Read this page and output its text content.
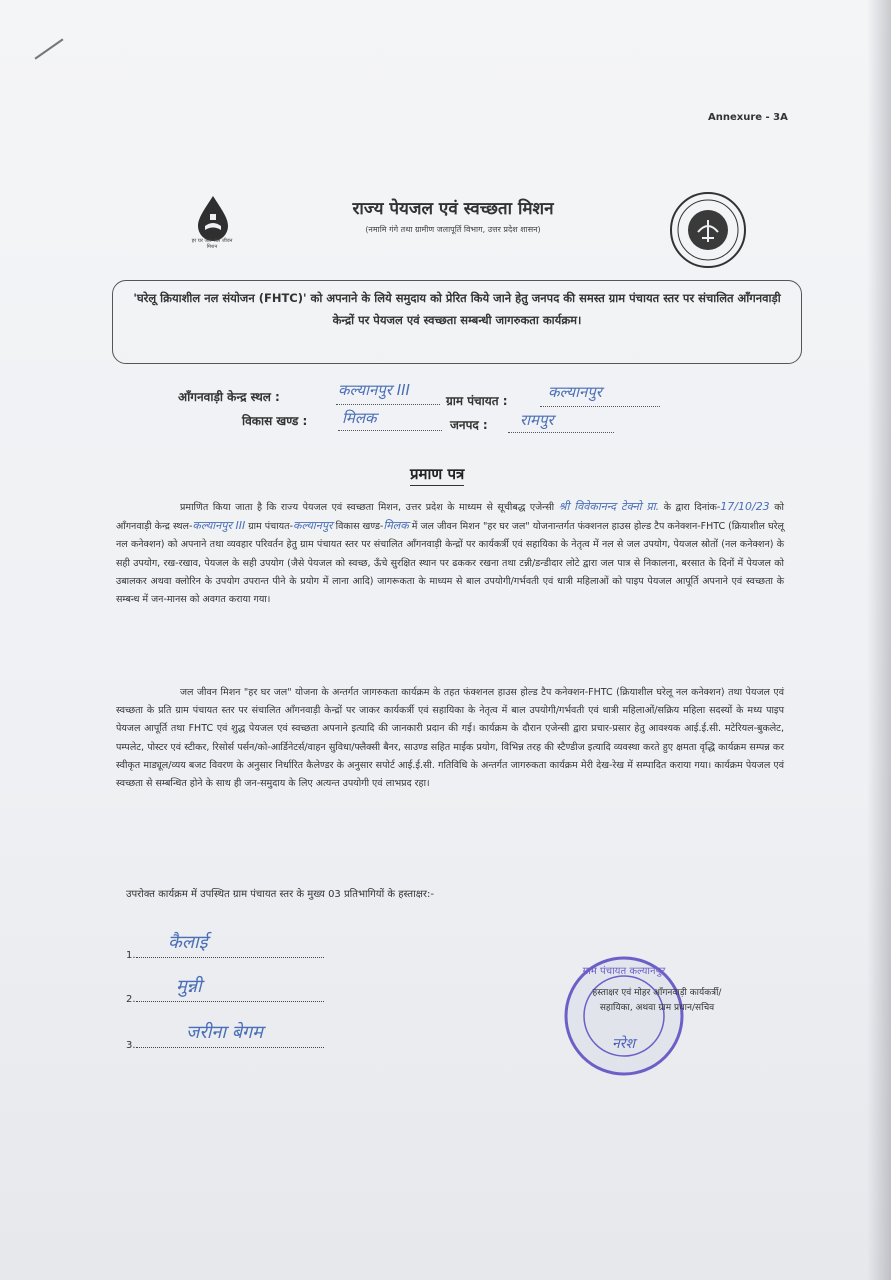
Annexure - 3A
हर घर जल जल जीवन मिशन
राज्य पेयजल एवं स्वच्छता मिशन
(नमामि गंगे तथा ग्रामीण जलापूर्ति विभाग, उत्तर प्रदेश शासन)
'घरेलू क्रियाशील नल संयोजन (FHTC)' को अपनाने के लिये समुदाय को प्रेरित किये जाने हेतु जनपद की समस्त ग्राम पंचायत स्तर पर संचालित आँगनवाड़ी केन्द्रों पर पेयजल एवं स्वच्छता सम्बन्धी जागरुकता कार्यक्रम।
आँगनवाड़ी केन्द्र स्थल :	कल्यानपुर III
ग्राम पंचायत :	कल्यानपुर
विकास खण्ड : मिलक	जनपद : रामपुर
प्रमाण पत्र
प्रमाणित किया जाता है कि राज्य पेयजल एवं स्वच्छता मिशन, उत्तर प्रदेश के माध्यम से सूचीबद्ध एजेन्सी श्री विवेकानन्द टेक्नो प्रा. के द्वारा दिनांक-17/10/23 को आँगनवाड़ी केन्द्र स्थल-कल्यानपुर III ग्राम पंचायत-कल्यानपुर विकास खण्ड-मिलक में जल जीवन मिशन "हर घर जल" योजनान्तर्गत फंक्शनल हाउस होल्ड टैप कनेक्शन-FHTC (क्रियाशील घरेलू नल कनेक्शन) को अपनाने तथा व्यवहार परिवर्तन हेतु ग्राम पंचायत स्तर पर संचालित आँगनवाड़ी केन्द्रों पर कार्यकर्त्री एवं सहायिका के नेतृत्व में नल से जल उपयोग, पेयजल स्रोतों (नल कनेक्शन) के सही उपयोग, रख-रखाव, पेयजल के सही उपयोग (जैसे पेयजल को स्वच्छ, ऊँचे सुरक्षित स्थान पर ढककर रखना तथा टन्नी/डन्डीदार लोटे द्वारा जल पात्र से निकालना, बरसात के दिनों में पेयजल को उबालकर अथवा क्लोरिन के उपयोग उपरान्त पीने के प्रयोग में लाना आदि) जागरूकता के माध्यम से बाल उपयोगी/गर्भवती एवं धात्री महिलाओं को पाइप पेयजल आपूर्ति अपनाने एवं स्वच्छता के सम्बन्ध में जन-मानस को अवगत कराया गया।
जल जीवन मिशन "हर घर जल" योजना के अन्तर्गत जागरुकता कार्यक्रम के तहत फंक्शनल हाउस होल्ड टैप कनेक्शन-FHTC (क्रियाशील घरेलू नल कनेक्शन) तथा पेयजल एवं स्वच्छता के प्रति ग्राम पंचायत स्तर पर संचालित आँगनवाड़ी केन्द्रों पर जाकर कार्यकर्त्री एवं सहायिका के नेतृत्व में बाल उपयोगी/गर्भवती एवं धात्री महिलाओं/सक्रिय महिला सदस्यों के मध्य पाइप पेयजल आपूर्ति तथा FHTC एवं शुद्ध पेयजल एवं स्वच्छता अपनाने इत्यादि की जानकारी प्रदान की गई। कार्यक्रम के दौरान एजेन्सी द्वारा प्रचार-प्रसार हेतु आवश्यक आई.ई.सी. मटेरियल-बुकलेट, पम्पलेट, पोस्टर एवं स्टीकर, रिसोर्स पर्सन/को-आर्डिनेटर्स/वाहन सुविधा/फ्लैक्सी बैनर, साउण्ड सहित माईक प्रयोग, विभिन्न तरह की स्टैण्डीज इत्यादि व्यवस्था करते हुए क्षमता वृद्धि कार्यक्रम सम्पन्न कर स्वीकृत माड्यूल/व्यय बजट विवरण के अनुसार निर्धारित कैलेण्डर के अनुसार सपोर्ट आई.ई.सी. गतिविधि के अन्तर्गत जागरुकता कार्यक्रम मेरी देख-रेख में सम्पादित कराया गया। कार्यक्रम पेयजल एवं स्वच्छता से सम्बन्धित होने के साथ ही जन-समुदाय के लिए अत्यन्त उपयोगी एवं लाभप्रद रहा।
उपरोक्त कार्यक्रम में उपस्थित ग्राम पंचायत स्तर के मुख्य 03 प्रतिभागियों के हस्ताक्षर:-
1.
कैलाई
2.
मुन्नी
3.
जरीना बेगम
ग्राम पंचायत कल्यानपुर
नरेश
हस्ताक्षर एवं मोहर आँगनवाड़ी कार्यकर्त्री/सहायिका, अथवा ग्राम प्रधान/सचिव
